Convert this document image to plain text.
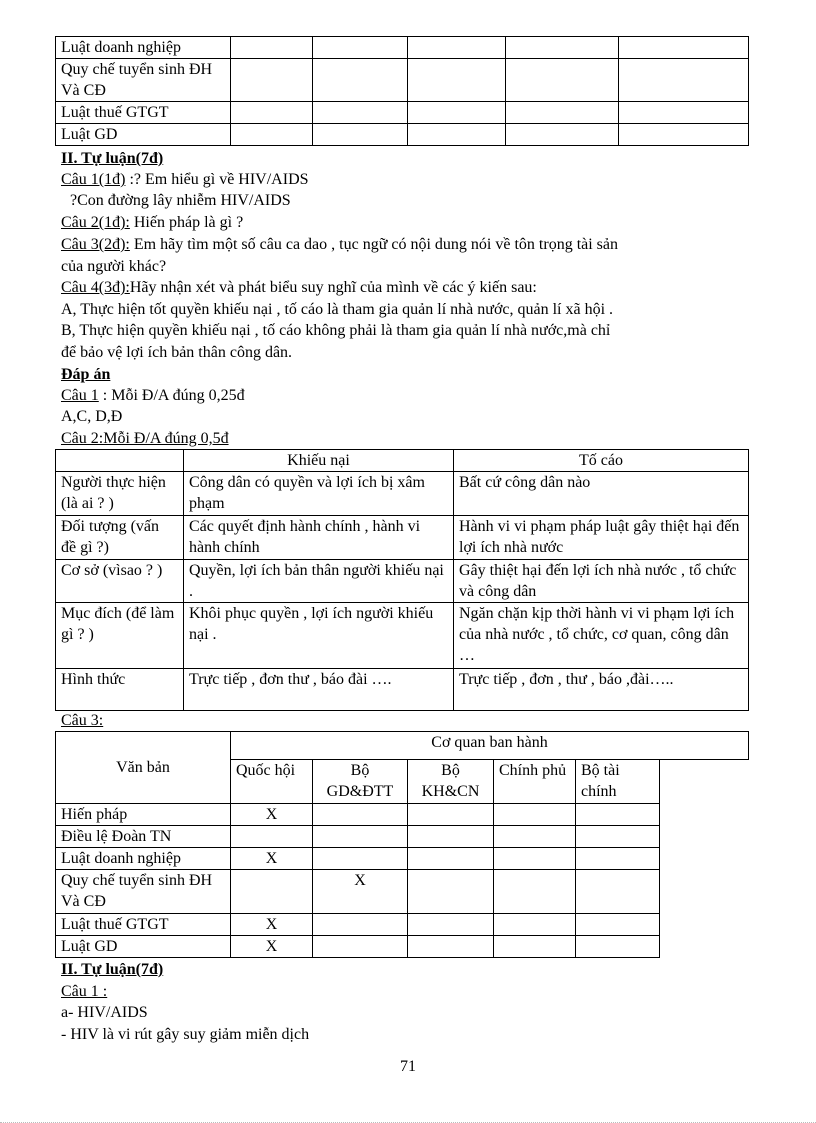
Luật doanh nghiệp					
Quy chế tuyển sinh ĐH Và CĐ					
Luật thuế GTGT					
Luật GD					
II. Tự luận(7đ)
Câu 1(1đ) :? Em hiểu gì về HIV/AIDS
?Con đường lây nhiễm HIV/AIDS
Câu 2(1đ): Hiến pháp là gì ?
Câu 3(2đ): Em hãy tìm một số câu ca dao , tục ngữ có nội dung nói về tôn trọng tài sản
của người khác?
Câu 4(3đ):Hãy nhận xét và phát biểu suy nghĩ của mình về các ý kiến sau:
A, Thực hiện tốt quyền khiếu nại , tố cáo là tham gia quản lí nhà nước, quản lí xã hội .
B, Thực hiện quyền khiếu nại , tố cáo không phải là tham gia quản lí nhà nước,mà chỉ
để bảo vệ lợi ích bản thân công dân.
Đáp án
Câu 1 : Mỗi Đ/A đúng 0,25đ
A,C, D,Đ
Câu 2:Mỗi Đ/A đúng 0,5đ
	Khiếu nại	Tố cáo
Người thực hiện (là ai ? )	Công dân có quyền và lợi ích bị xâm phạm	Bất cứ công dân nào
Đối tượng (vấn đề gì ?)	Các quyết định hành chính , hành vi hành chính	Hành vi vi phạm pháp luật gây thiệt hại đến lợi ích nhà nước
Cơ sở (vìsao ? )	Quyền, lợi ích bản thân người khiếu nại .	Gây thiệt hại đến lợi ích nhà nước , tổ chức và công dân
Mục đích (để làm gì ? )	Khôi phục quyền , lợi ích người khiếu nại .	Ngăn chặn kịp thời hành vi vi phạm lợi ích của nhà nước , tổ chức, cơ quan, công dân …
Hình thức	Trực tiếp , đơn thư , báo đài ….	Trực tiếp , đơn , thư , báo ,đài…..
Câu 3:
Văn bản	Cơ quan ban hành					
	Quốc hội	Bộ GD&ĐTT	Bộ KH&CN	Chính phủ	Bộ tài chính	
Hiến pháp	X					
Điều lệ Đoàn TN						
Luật doanh nghiệp	X					
Quy chế tuyển sinh ĐH Và CĐ		X				
Luật thuế GTGT	X					
Luật GD	X					
II. Tự luận(7đ)
Câu 1 :
a- HIV/AIDS
- HIV là vi rút gây suy giảm miễn dịch
71
